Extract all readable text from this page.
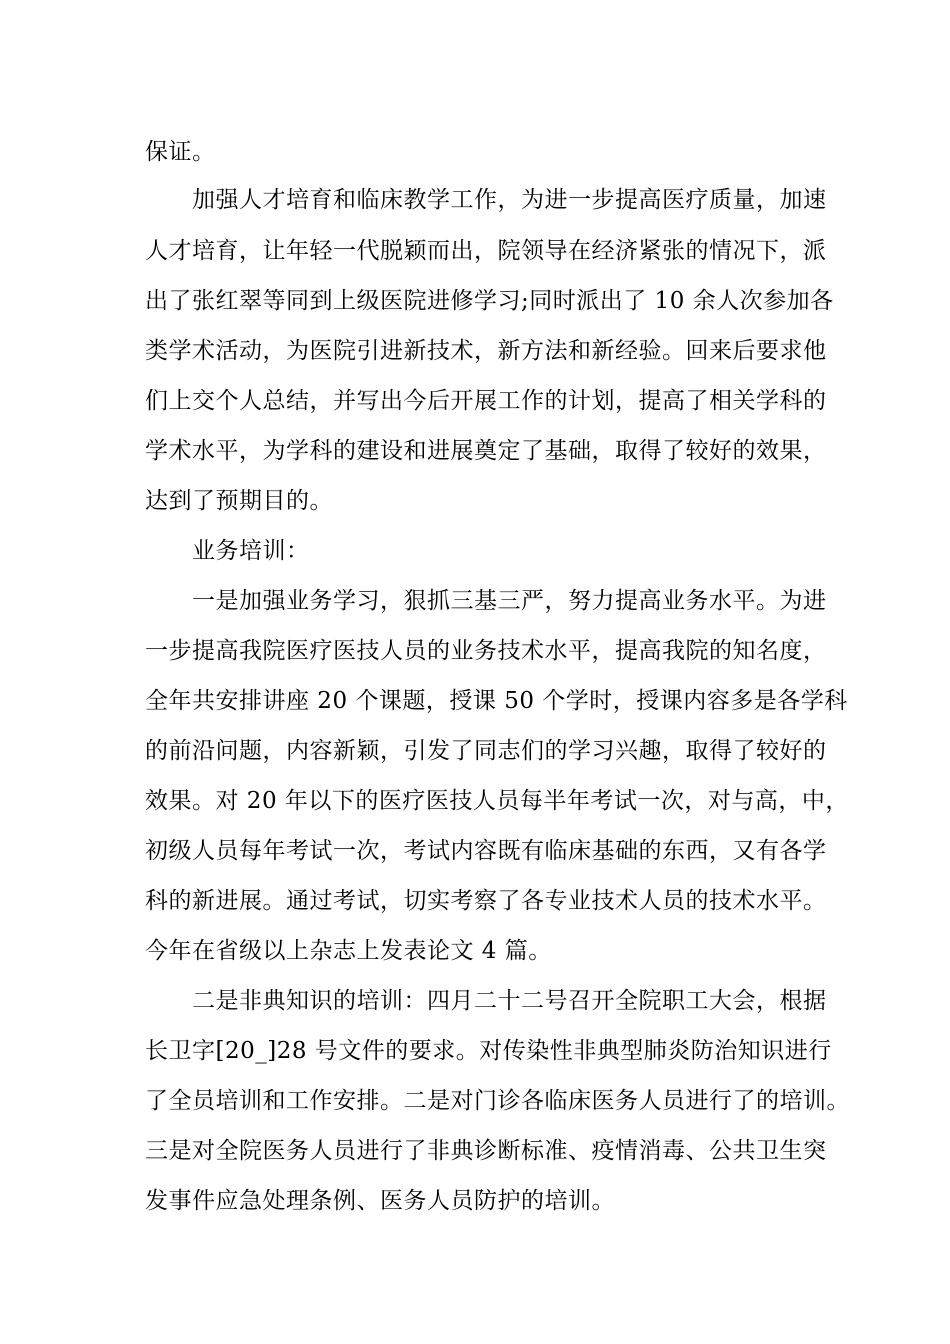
保证。
加强人才培育和临床教学工作，为进一步提高医疗质量，加速
人才培育，让年轻一代脱颖而出，院领导在经济紧张的情况下，派
出了张红翠等同到上级医院进修学习;同时派出了 10 余人次参加各
类学术活动，为医院引进新技术，新方法和新经验。回来后要求他
们上交个人总结，并写出今后开展工作的计划，提高了相关学科的
学术水平，为学科的建设和进展奠定了基础，取得了较好的效果，
达到了预期目的。
业务培训：
一是加强业务学习，狠抓三基三严，努力提高业务水平。为进
一步提高我院医疗医技人员的业务技术水平，提高我院的知名度，
全年共安排讲座 20 个课题，授课 50 个学时，授课内容多是各学科
的前沿问题，内容新颖，引发了同志们的学习兴趣，取得了较好的
效果。对 20 年以下的医疗医技人员每半年考试一次，对与高，中，
初级人员每年考试一次，考试内容既有临床基础的东西，又有各学
科的新进展。通过考试，切实考察了各专业技术人员的技术水平。
今年在省级以上杂志上发表论文 4 篇。
二是非典知识的培训：四月二十二号召开全院职工大会，根据
长卫字[20_]28 号文件的要求。对传染性非典型肺炎防治知识进行
了全员培训和工作安排。二是对门诊各临床医务人员进行了的培训。
三是对全院医务人员进行了非典诊断标准、疫情消毒、公共卫生突
发事件应急处理条例、医务人员防护的培训。
